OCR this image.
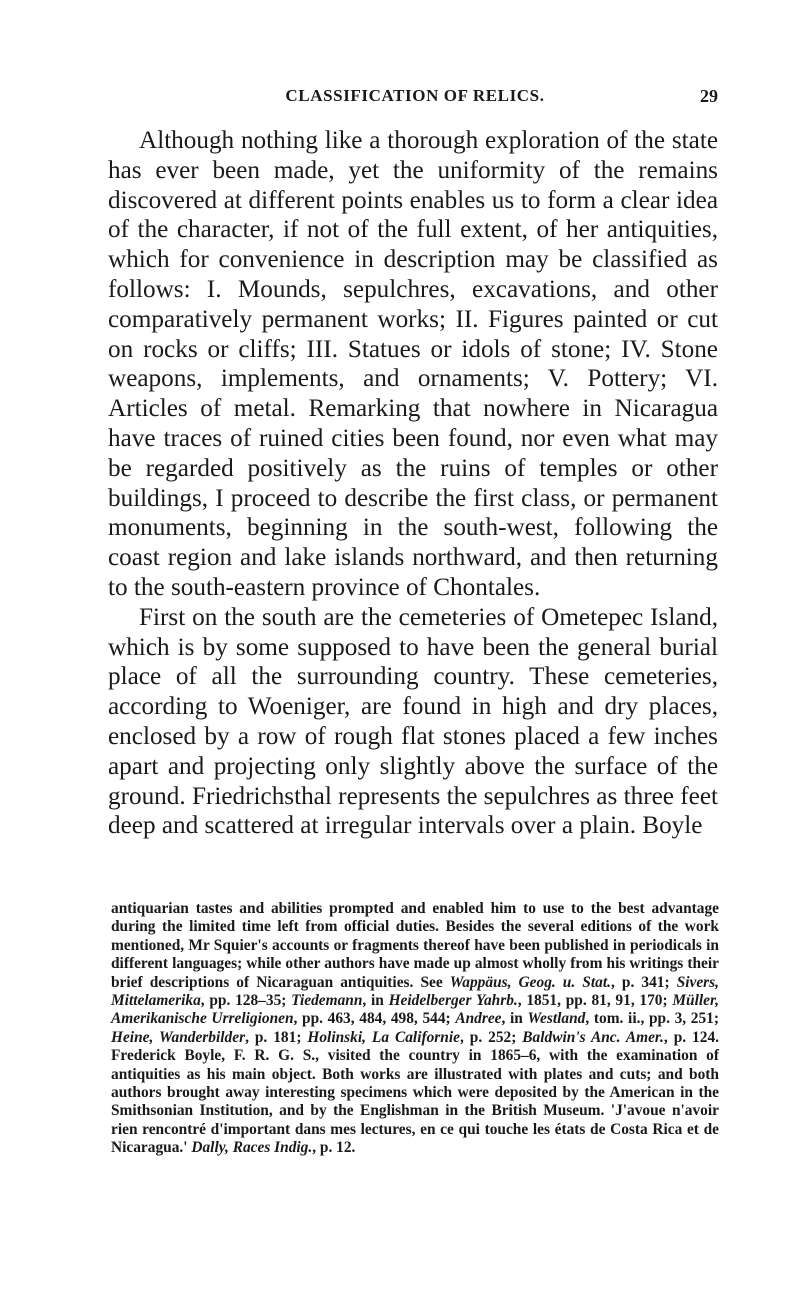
CLASSIFICATION OF RELICS.	29

Although nothing like a thorough exploration of the state has ever been made, yet the uniformity of the remains discovered at different points enables us to form a clear idea of the character, if not of the full extent, of her antiquities, which for convenience in description may be classified as follows: I. Mounds, sepulchres, excavations, and other comparatively permanent works; II. Figures painted or cut on rocks or cliffs; III. Statues or idols of stone; IV. Stone weapons, implements, and ornaments; V. Pottery; VI. Articles of metal. Remarking that nowhere in Nicaragua have traces of ruined cities been found, nor even what may be regarded positively as the ruins of temples or other buildings, I proceed to describe the first class, or permanent monuments, beginning in the south-west, following the coast region and lake islands northward, and then returning to the south-eastern province of Chontales.

First on the south are the cemeteries of Ometepec Island, which is by some supposed to have been the general burial place of all the surrounding country. These cemeteries, according to Woeniger, are found in high and dry places, enclosed by a row of rough flat stones placed a few inches apart and projecting only slightly above the surface of the ground. Friedrichsthal represents the sepulchres as three feet deep and scattered at irregular intervals over a plain. Boyle

antiquarian tastes and abilities prompted and enabled him to use to the best advantage during the limited time left from official duties. Besides the several editions of the work mentioned, Mr Squier's accounts or fragments thereof have been published in periodicals in different languages; while other authors have made up almost wholly from his writings their brief descriptions of Nicaraguan antiquities. See Wappäus, Geog. u. Stat., p. 341; Sivers, Mittelamerika, pp. 128–35; Tiedemann, in Heidelberger Yahrb., 1851, pp. 81, 91, 170; Müller, Amerikanische Urreligionen, pp. 463, 484, 498, 544; Andree, in Westland, tom. ii., pp. 3, 251; Heine, Wanderbilder, p. 181; Holinski, La Californie, p. 252; Baldwin's Anc. Amer., p. 124. Frederick Boyle, F. R. G. S., visited the country in 1865–6, with the examination of antiquities as his main object. Both works are illustrated with plates and cuts; and both authors brought away interesting specimens which were deposited by the American in the Smithsonian Institution, and by the Englishman in the British Museum. 'J'avoue n'avoir rien rencontré d'important dans mes lectures, en ce qui touche les états de Costa Rica et de Nicaragua.' Dally, Races Indig., p. 12.
